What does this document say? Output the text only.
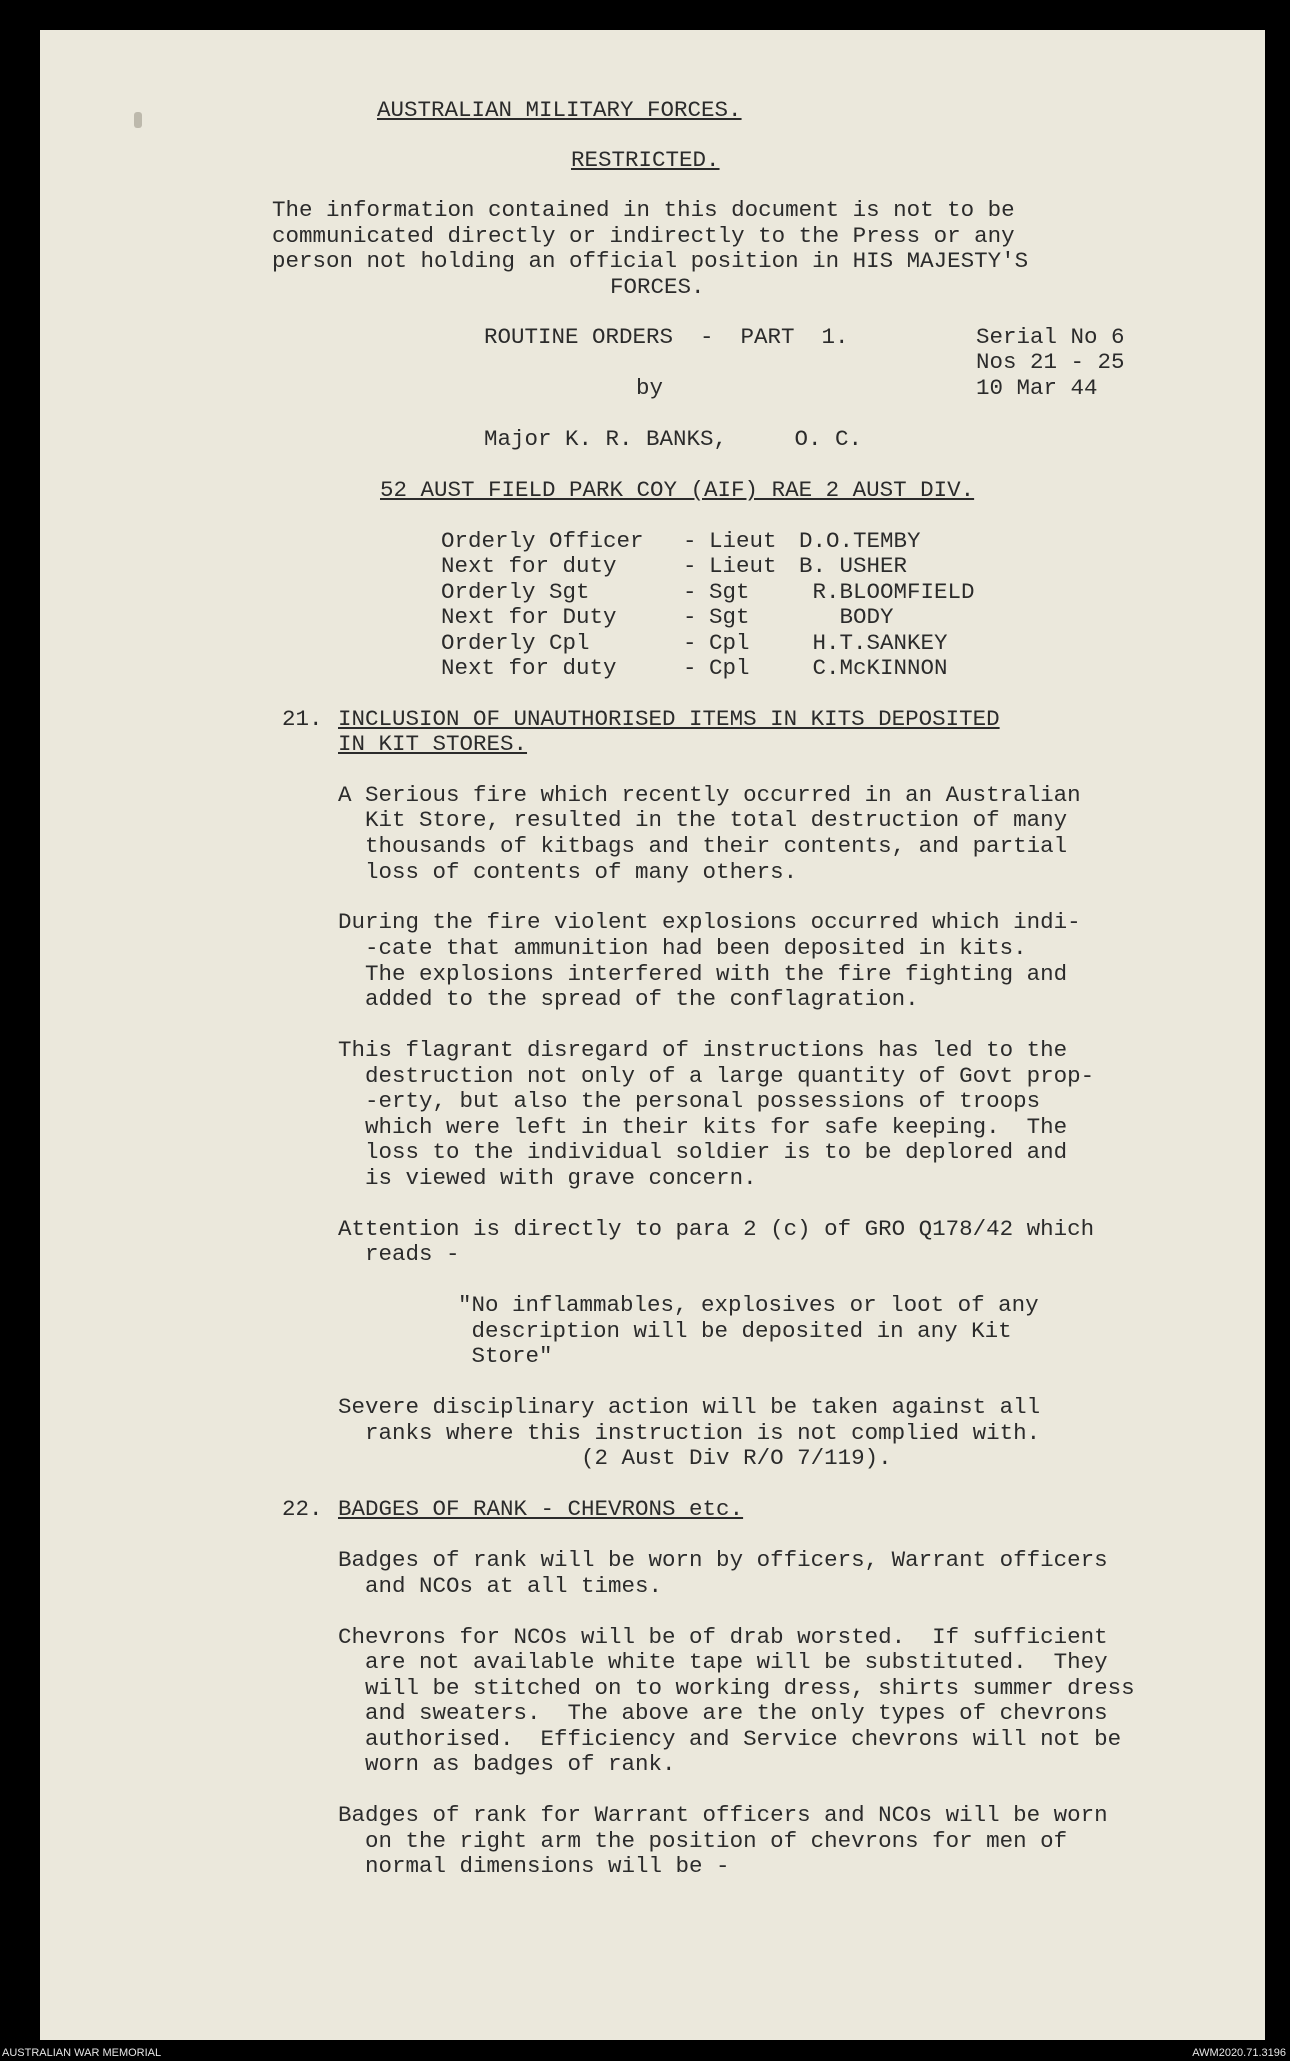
AUSTRALIAN MILITARY FORCES.

RESTRICTED.

The information contained in this document is not to be

communicated directly or indirectly to the Press or any

person not holding an official position in HIS MAJESTY'S

FORCES.

ROUTINE ORDERS  -  PART  1.	Serial No 6

Nos 21 - 25

10 Mar 44

by

Major K. R. BANKS,     O. C.

52 AUST FIELD PARK COY (AIF) RAE 2 AUST DIV.

Orderly Officer - Lieut D.O.TEMBY

Next for duty	- Lieut B. USHER

Orderly Sgt	- Sgt R.BLOOMFIELD

Next for Duty	- Sgt BODY

Orderly Cpl	- Cpl H.T.SANKEY

Next for duty	- Cpl C.McKINNON

21. INCLUSION OF UNAUTHORISED ITEMS IN KITS DEPOSITED

IN KIT STORES.

A Serious fire which recently occurred in an Australian

Kit Store, resulted in the total destruction of many

thousands of kitbags and their contents, and partial

loss of contents of many others.

During the fire violent explosions occurred which indi-

-cate that ammunition had been deposited in kits.

The explosions interfered with the fire fighting and

added to the spread of the conflagration.

This flagrant disregard of instructions has led to the

destruction not only of a large quantity of Govt prop-

-erty, but also the personal possessions of troops

which were left in their kits for safe keeping.  The

loss to the individual soldier is to be deplored and

is viewed with grave concern.

Attention is directly to para 2 (c) of GRO Q178/42 which

reads -

"No inflammables, explosives or loot of any

description will be deposited in any Kit

Store"

Severe disciplinary action will be taken against all

ranks where this instruction is not complied with.

(2 Aust Div R/O 7/119).

22. BADGES OF RANK - CHEVRONS etc.

Badges of rank will be worn by officers, Warrant officers

and NCOs at all times.

Chevrons for NCOs will be of drab worsted.  If sufficient

are not available white tape will be substituted.  They

will be stitched on to working dress, shirts summer dress

and sweaters.  The above are the only types of chevrons

authorised.  Efficiency and Service chevrons will not be

worn as badges of rank.

Badges of rank for Warrant officers and NCOs will be worn

on the right arm the position of chevrons for men of

normal dimensions will be -

AUSTRALIAN WAR MEMORIAL	AWM2020.71.3196
